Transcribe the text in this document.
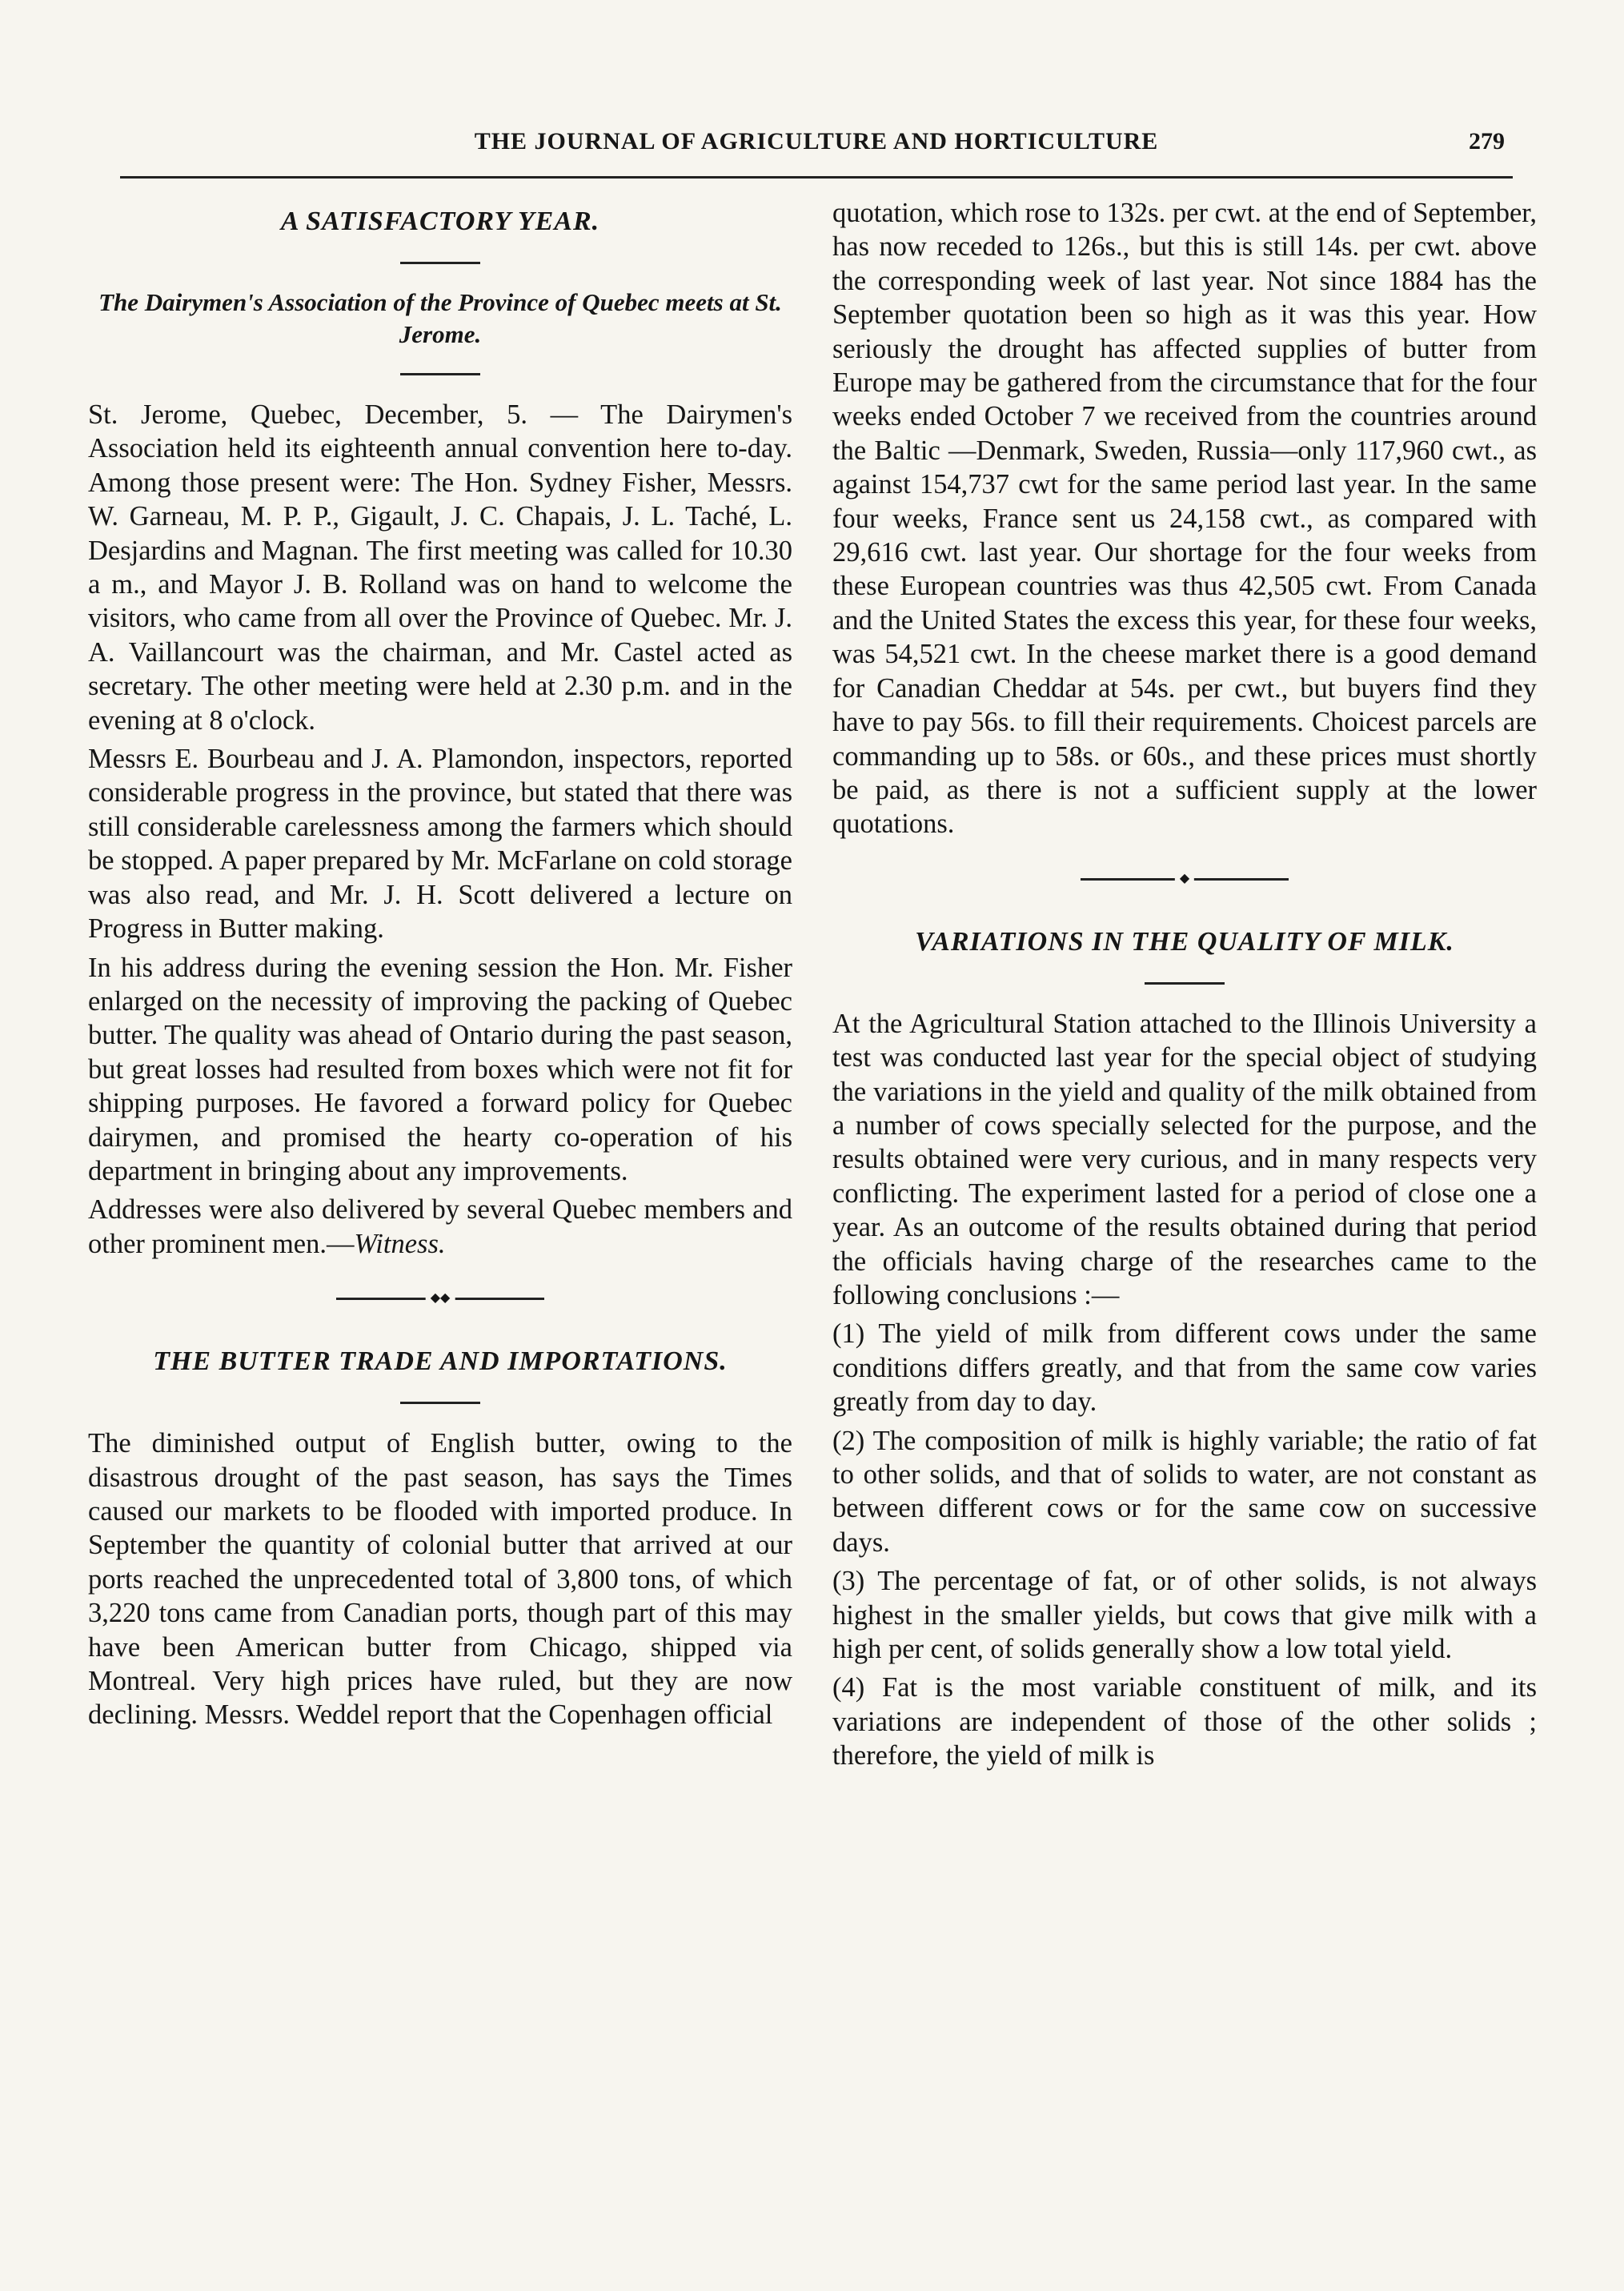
THE JOURNAL OF AGRICULTURE AND HORTICULTURE	279
A SATISFACTORY YEAR.
The Dairymen's Association of the Province of Quebec meets at St. Jerome.

St. Jerome, Quebec, December, 5. — The Dairymen's Association held its eighteenth annual convention here to-day. Among those present were: The Hon. Sydney Fisher, Messrs. W. Garneau, M. P. P., Gigault, J. C. Chapais, J. L. Taché, L. Desjardins and Magnan. The first meeting was called for 10.30 a m., and Mayor J. B. Rolland was on hand to welcome the visitors, who came from all over the Province of Quebec. Mr. J. A. Vaillancourt was the chairman, and Mr. Castel acted as secretary. The other meeting were held at 2.30 p.m. and in the evening at 8 o'clock.

Messrs E. Bourbeau and J. A. Plamondon, inspectors, reported considerable progress in the province, but stated that there was still considerable carelessness among the farmers which should be stopped. A paper prepared by Mr. McFarlane on cold storage was also read, and Mr. J. H. Scott delivered a lecture on Progress in Butter making.

In his address during the evening session the Hon. Mr. Fisher enlarged on the necessity of improving the packing of Quebec butter. The quality was ahead of Ontario during the past season, but great losses had resulted from boxes which were not fit for shipping purposes. He favored a forward policy for Quebec dairymen, and promised the hearty co-operation of his department in bringing about any improvements.

Addresses were also delivered by several Quebec members and other prominent men.—Witness.

◆◆
THE BUTTER TRADE AND IMPORTATIONS.

The diminished output of English butter, owing to the disastrous drought of the past season, has says the Times caused our markets to be flooded with imported produce. In September the quantity of colonial butter that arrived at our ports reached the unprecedented total of 3,800 tons, of which 3,220 tons came from Canadian ports, though part of this may have been American butter from Chicago, shipped via Montreal. Very high prices have ruled, but they are now declining. Messrs. Weddel report that the Copenhagen official

quotation, which rose to 132s. per cwt. at the end of September, has now receded to 126s., but this is still 14s. per cwt. above the corresponding week of last year. Not since 1884 has the September quotation been so high as it was this year. How seriously the drought has affected supplies of butter from Europe may be gathered from the circumstance that for the four weeks ended October 7 we received from the countries around the Baltic —Denmark, Sweden, Russia—only 117,960 cwt., as against 154,737 cwt for the same period last year. In the same four weeks, France sent us 24,158 cwt., as compared with 29,616 cwt. last year. Our shortage for the four weeks from these European countries was thus 42,505 cwt. From Canada and the United States the excess this year, for these four weeks, was 54,521 cwt. In the cheese market there is a good demand for Canadian Cheddar at 54s. per cwt., but buyers find they have to pay 56s. to fill their requirements. Choicest parcels are commanding up to 58s. or 60s., and these prices must shortly be paid, as there is not a sufficient supply at the lower quotations.

◆
VARIATIONS IN THE QUALITY OF MILK.

At the Agricultural Station attached to the Illinois University a test was conducted last year for the special object of studying the variations in the yield and quality of the milk obtained from a number of cows specially selected for the purpose, and the results obtained were very curious, and in many respects very conflicting. The experiment lasted for a period of close one a year. As an outcome of the results obtained during that period the officials having charge of the researches came to the following conclusions :—

(1) The yield of milk from different cows under the same conditions differs greatly, and that from the same cow varies greatly from day to day.

(2) The composition of milk is highly variable; the ratio of fat to other solids, and that of solids to water, are not constant as between different cows or for the same cow on successive days.

(3) The percentage of fat, or of other solids, is not always highest in the smaller yields, but cows that give milk with a high per cent, of solids generally show a low total yield.

(4) Fat is the most variable constituent of milk, and its variations are independent of those of the other solids ; therefore, the yield of milk is
